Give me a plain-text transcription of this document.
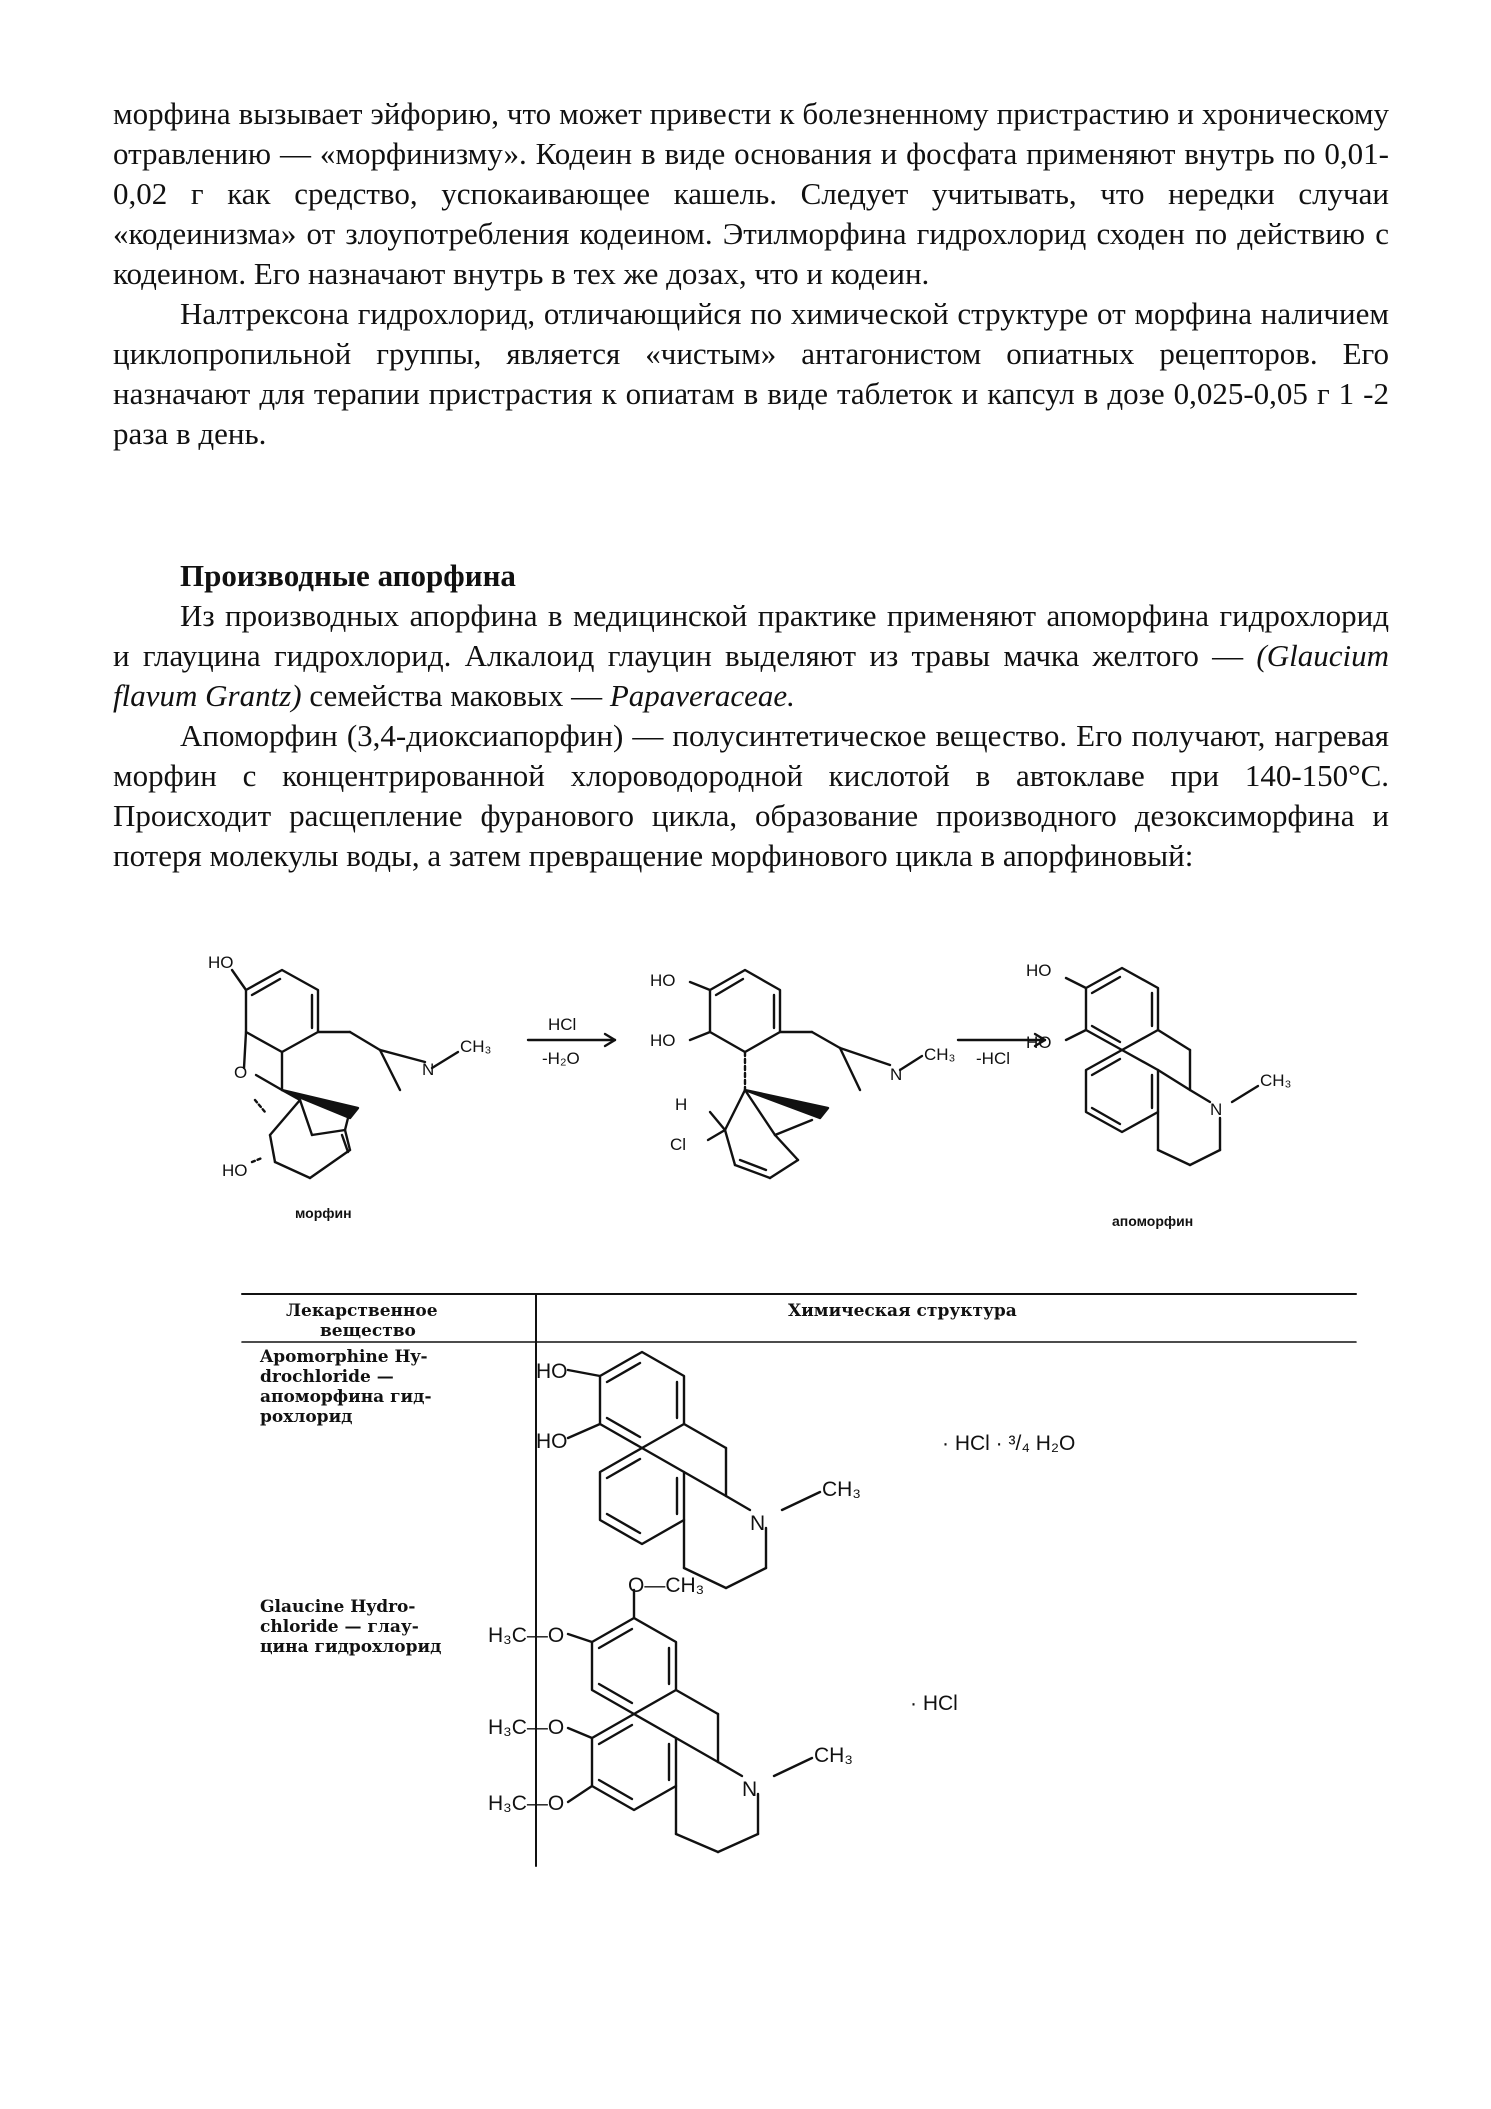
морфина вызывает эйфорию, что может привести к болезненному пристрастию и хроническому отравлению — «морфинизму». Кодеин в виде основания и фосфата применяют внутрь по 0,01-0,02 г как средство, успокаивающее кашель. Следует учитывать, что нередки случаи «кодеинизма» от злоупотребления кодеином. Этилморфина гидрохлорид сходен по действию с кодеином. Его назначают внутрь в тех же дозах, что и кодеин.

Налтрексона гидрохлорид, отличающийся по химической структуре от морфина наличием циклопропильной группы, является «чистым» антагонистом опиатных рецепторов. Его назначают для терапии пристрастия к опиатам в виде таблеток и капсул в дозе 0,025-0,05 г 1 -2 раза в день.

Производные апорфина

Из производных апорфина в медицинской практике применяют апоморфина гидрохлорид и глауцина гидрохлорид. Алкалоид глауцин выделяют из травы мачка желтого — (Glaucium flavum Grantz) семейства маковых — Papaveraceae.

Апоморфин (3,4-диоксиапорфин) — полусинтетическое вещество. Его получают, нагревая морфин с концентрированной хлороводородной кислотой в автоклаве при 140-150°С. Происходит расщепление фуранового цикла, образование производного дезоксиморфина и потеря молекулы воды, а затем превращение морфинового цикла в апорфиновый:

HO
O	N
CH₃
HO
морфин
HCl
-H₂O
HO
HO
H
Cl
N
CH₃ -HCl
HO
HO
N
CH₃
апоморфин
Лекарственное
вещество
Химическая структура
Apomorphine Hy-
drochloride —
апоморфина гид-
рохлорид
HO
HO
N
CH₃
· HCl · ³/₄ H₂O
Glaucine Hydro-
chloride — глау-
цина гидрохлорид
O—CH₃
H₃C—O
H₃C—O
H₃C—O
N
CH₃
· HCl
